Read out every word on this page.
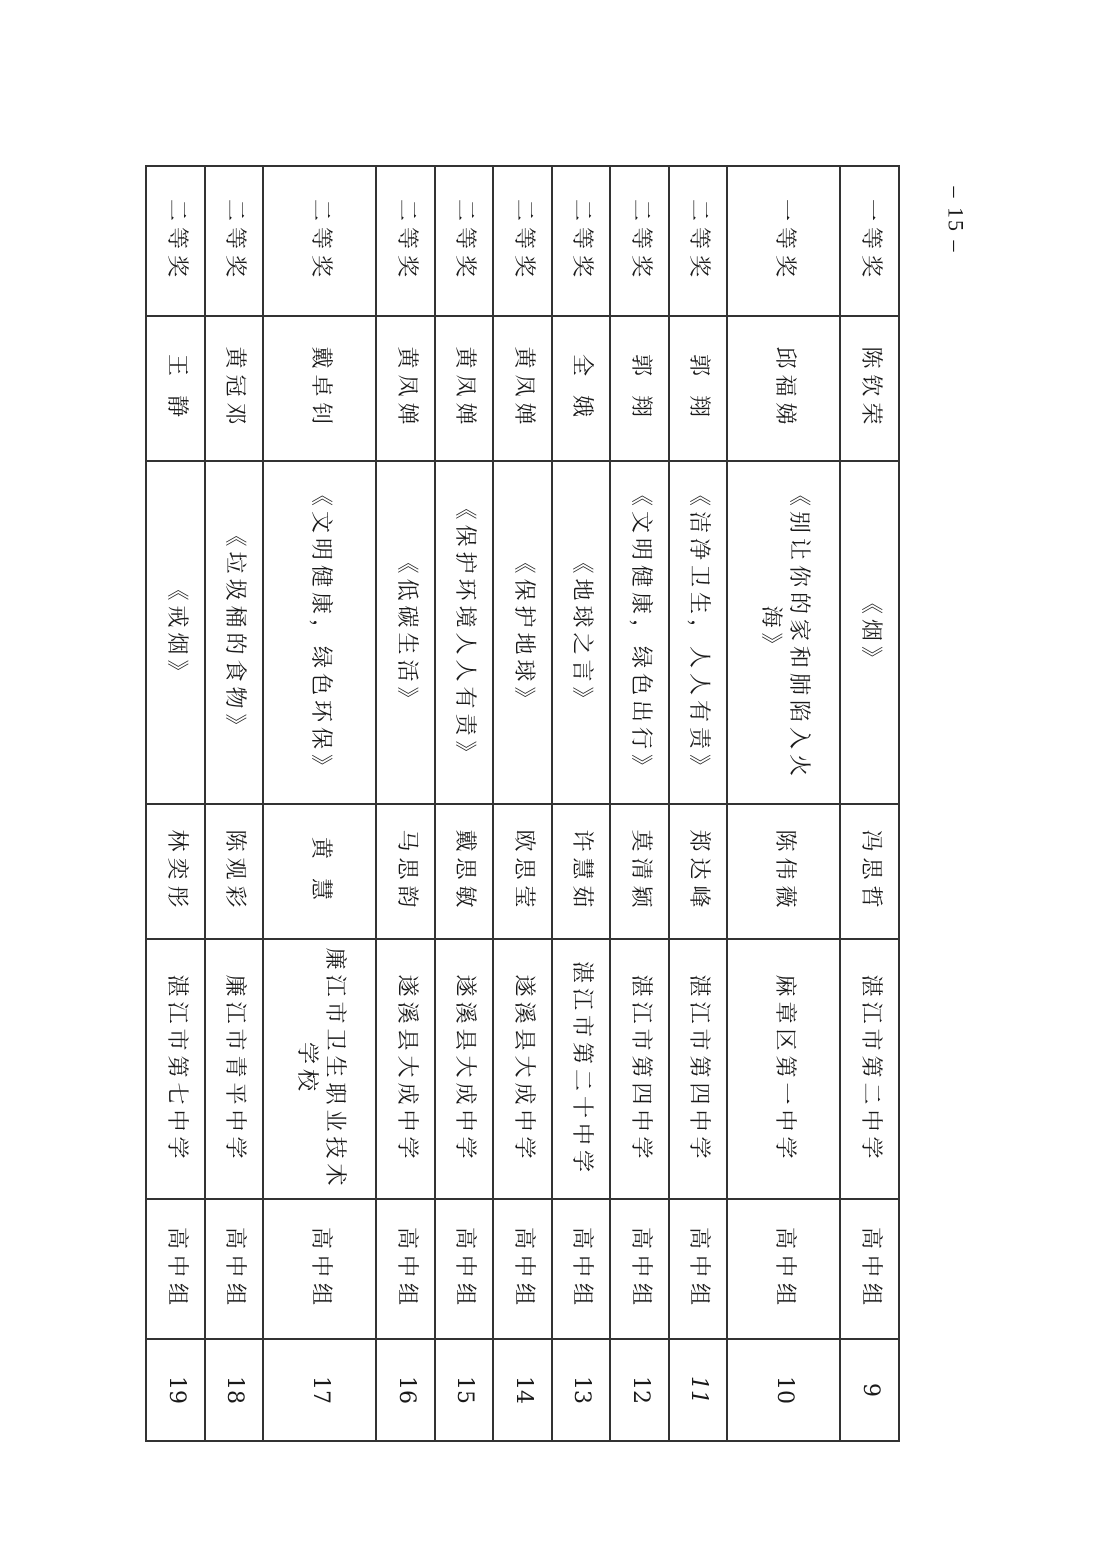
一等奖	陈钦荣	《烟》	冯思哲	湛江市第二中学	高中组	9
一等奖	邱福娣	《别让你的家和肺陷入火海》	陈伟薇	麻章区第一中学	高中组	10
二等奖	郭 翔	《洁净卫生，人人有责》	郑达峰	湛江市第四中学	高中组	11
二等奖	郭 翔	《文明健康，绿色出行》	莫清颖	湛江市第四中学	高中组	12
二等奖	全 娥	《地球之言》	许慧茹	湛江市第二十中学	高中组	13
二等奖	黄凤婵	《保护地球》	欧思莹	遂溪县大成中学	高中组	14
二等奖	黄凤婵	《保护环境人人有责》	戴思敏	遂溪县大成中学	高中组	15
二等奖	黄凤婵	《低碳生活》	马思韵	遂溪县大成中学	高中组	16
二等奖	戴卓钊	《文明健康，绿色环保》	黄 慧	廉江市卫生职业技术学校	高中组	17
二等奖	黄冠邓	《垃圾桶的食物》	陈观彩	廉江市青平中学	高中组	18
二等奖	王 静	《戒烟》	林奕彤	湛江市第七中学	高中组	19
– 15 –
